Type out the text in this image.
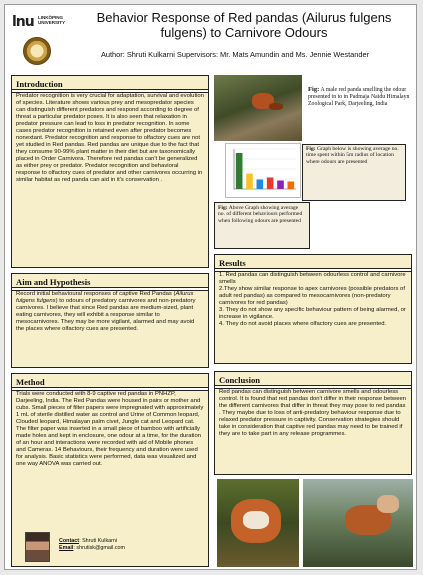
lnu LINKÖPING
UNIVERSITY	Behavior Response of Red pandas (Ailurus fulgens fulgens) to Carnivore Odours
Author: Shruti Kulkarni Supervisors: Mr. Mats Amundin and Ms. Jennie Westander
Introduction

Predator recognition is very crucial for adaptation, survival and evolution of species. Literature shows various prey and mesopredator species can distinguish different predators and respond according to degree of threat a particular predator poses. It is also seen that relaxation in predator pressure can lead to loss in predator recognition. In some cases predator recognition is retained even after predator becomes nonextant. Predator recognition and response to olfactory cues are not yet studied in Red pandas. Red pandas are unique due to the fact that they consume 90-99% plant matter in their diet but are taxonomically placed in Order Carnivora. Therefore red pandas can't be generalized as either prey or predator. Predator recognition and behavioral response to olfactory cues of predator and other carnivores occurring in similar habitat as red panda can aid in it's conservation .

Aim and Hypothesis

Record initial behavioural responses of captive Red Pandas (Ailurus fulgens fulgens) to odours of predatory carnivores and non-predatory carnivores. I believe that since Red pandas are medium-sized, plant eating carnivores, they will exhibit a response similar to mesocarnivores. They may be more vigilant, alarmed and may avoid the places where olfactory cues are presented.

Method

Trials were conducted with 8-9 captive red pandas in PNHZP, Darjeeling, India. The Red Pandas were housed in pairs or mother and cubs. Small pieces of filter papers were impregnated with approximately 1 mL of sterile distilled water as control and Urine of Common leopard, Clouded leopard, Himalayan palm civet, Jungle cat and Leopard cat. The filter paper was inserted in a small piece of bamboo with artificially made holes and kept in enclosure, one odour at a time, for the duration of an hour and interactions were recorded with aid of Mobile phones and Cameras. 14 Behaviours, their frequency and duration were used for analysis. Basic statistics were performed, data was visualized and one way ANOVA was carried out.

Contact: Shruti Kulkarni
Email: shrutisk@gmail.com
Fig: A male red panda smelling the odour presented in to in Padmaja Naidu Himalayn Zoological Park, Darjeeling, India
Fig: Graph below is showing average no. time spent within 5m radius of location where odours are presented
Fig: Above Graph showing average no. of different behaviours performed when following odours are presented
Results

1. Red pandas can distinguish between odourless control and carnivore smells

2.They show similar response to apex carnivores (possible predators of adult red pandas) as compared to mesocarnivores (non-predatory carnivores for red pandas)

3. They do not show any specific behaviour pattern of being alarmed, or increase in vigilance.

4. They do not avoid places where olfactory cues are presented.

Conclusion

Red pandas can distinguish between carnivore smells and odourless control. It is found that red pandas don't differ in their response between the different carnivores that differ in threat they may pose to red pandas . They maybe due to loss of anti-predatory behaviour response due to relaxed predator pressure in captivity. Conservation strategies should take in consideration that captive red pandas may need to be trained if they are to take part in any release programmes.
